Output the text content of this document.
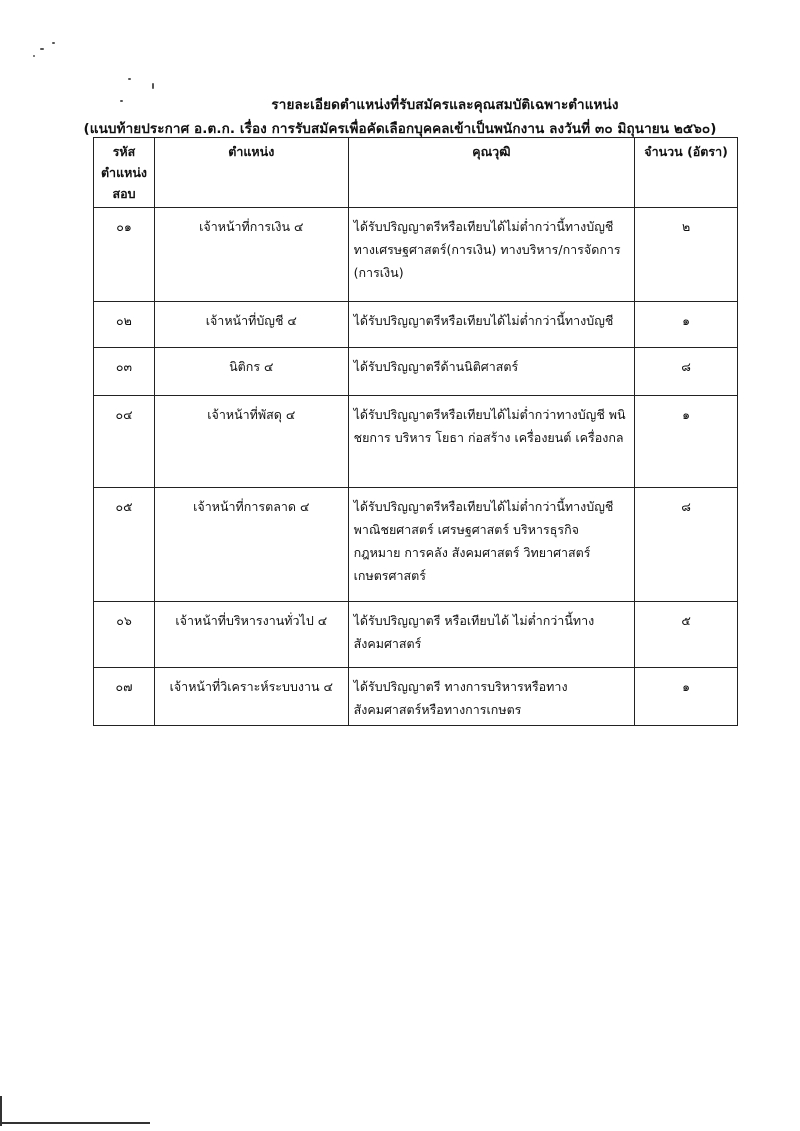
รายละเอียดตำแหน่งที่รับสมัครและคุณสมบัติเฉพาะตำแหน่ง
(แนบท้ายประกาศ อ.ต.ก. เรื่อง การรับสมัครเพื่อคัดเลือกบุคคลเข้าเป็นพนักงาน ลงวันที่ ๓๐ มิถุนายน ๒๕๖๐)
รหัส ตำแหน่ง สอบ	ตำแหน่ง	คุณวุฒิ	จำนวน (อัตรา)
๐๑	เจ้าหน้าที่การเงิน ๔	ได้รับปริญญาตรีหรือเทียบได้ไม่ต่ำกว่านี้ทางบัญชี ทางเศรษฐศาสตร์(การเงิน) ทางบริหาร/การจัดการ (การเงิน)	๒
๐๒	เจ้าหน้าที่บัญชี ๔	ได้รับปริญญาตรีหรือเทียบได้ไม่ต่ำกว่านี้ทางบัญชี	๑
๐๓	นิติกร ๔	ได้รับปริญญาตรีด้านนิติศาสตร์	๘
๐๔	เจ้าหน้าที่พัสดุ ๔	ได้รับปริญญาตรีหรือเทียบได้ไม่ต่ำกว่าทางบัญชี พนิชยการ บริหาร โยธา ก่อสร้าง เครื่องยนต์ เครื่องกล	๑
๐๕	เจ้าหน้าที่การตลาด ๔	ได้รับปริญญาตรีหรือเทียบได้ไม่ต่ำกว่านี้ทางบัญชี พาณิชยศาสตร์ เศรษฐศาสตร์ บริหารธุรกิจ กฎหมาย การคลัง สังคมศาสตร์ วิทยาศาสตร์ เกษตรศาสตร์	๘
๐๖	เจ้าหน้าที่บริหารงานทั่วไป ๔	ได้รับปริญญาตรี หรือเทียบได้ ไม่ต่ำกว่านี้ทาง สังคมศาสตร์	๕
๐๗	เจ้าหน้าที่วิเคราะห์ระบบงาน ๔	ได้รับปริญญาตรี ทางการบริหารหรือทาง สังคมศาสตร์หรือทางการเกษตร	๑
